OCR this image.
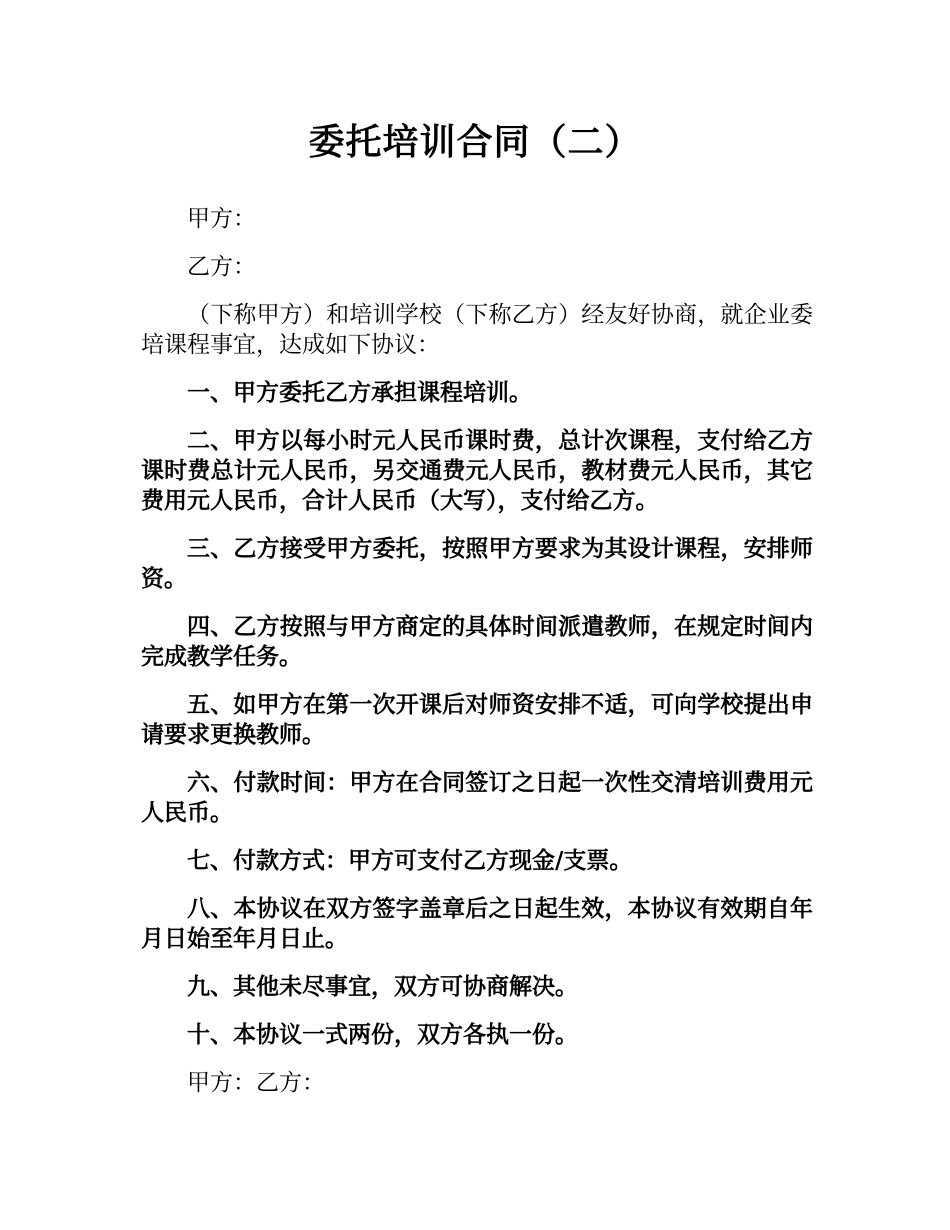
委托培训合同（二）

甲方：

乙方：

（下称甲方）和培训学校（下称乙方）经友好协商，就企业委培课程事宜，达成如下协议：

一、甲方委托乙方承担课程培训。

二、甲方以每小时元人民币课时费，总计次课程，支付给乙方课时费总计元人民币，另交通费元人民币，教材费元人民币，其它费用元人民币，合计人民币（大写），支付给乙方。

三、乙方接受甲方委托，按照甲方要求为其设计课程，安排师资。

四、乙方按照与甲方商定的具体时间派遣教师，在规定时间内完成教学任务。

五、如甲方在第一次开课后对师资安排不适，可向学校提出申请要求更换教师。

六、付款时间：甲方在合同签订之日起一次性交清培训费用元人民币。

七、付款方式：甲方可支付乙方现金/支票。

八、本协议在双方签字盖章后之日起生效，本协议有效期自年月日始至年月日止。

九、其他未尽事宜，双方可协商解决。

十、本协议一式两份，双方各执一份。

甲方：乙方：
